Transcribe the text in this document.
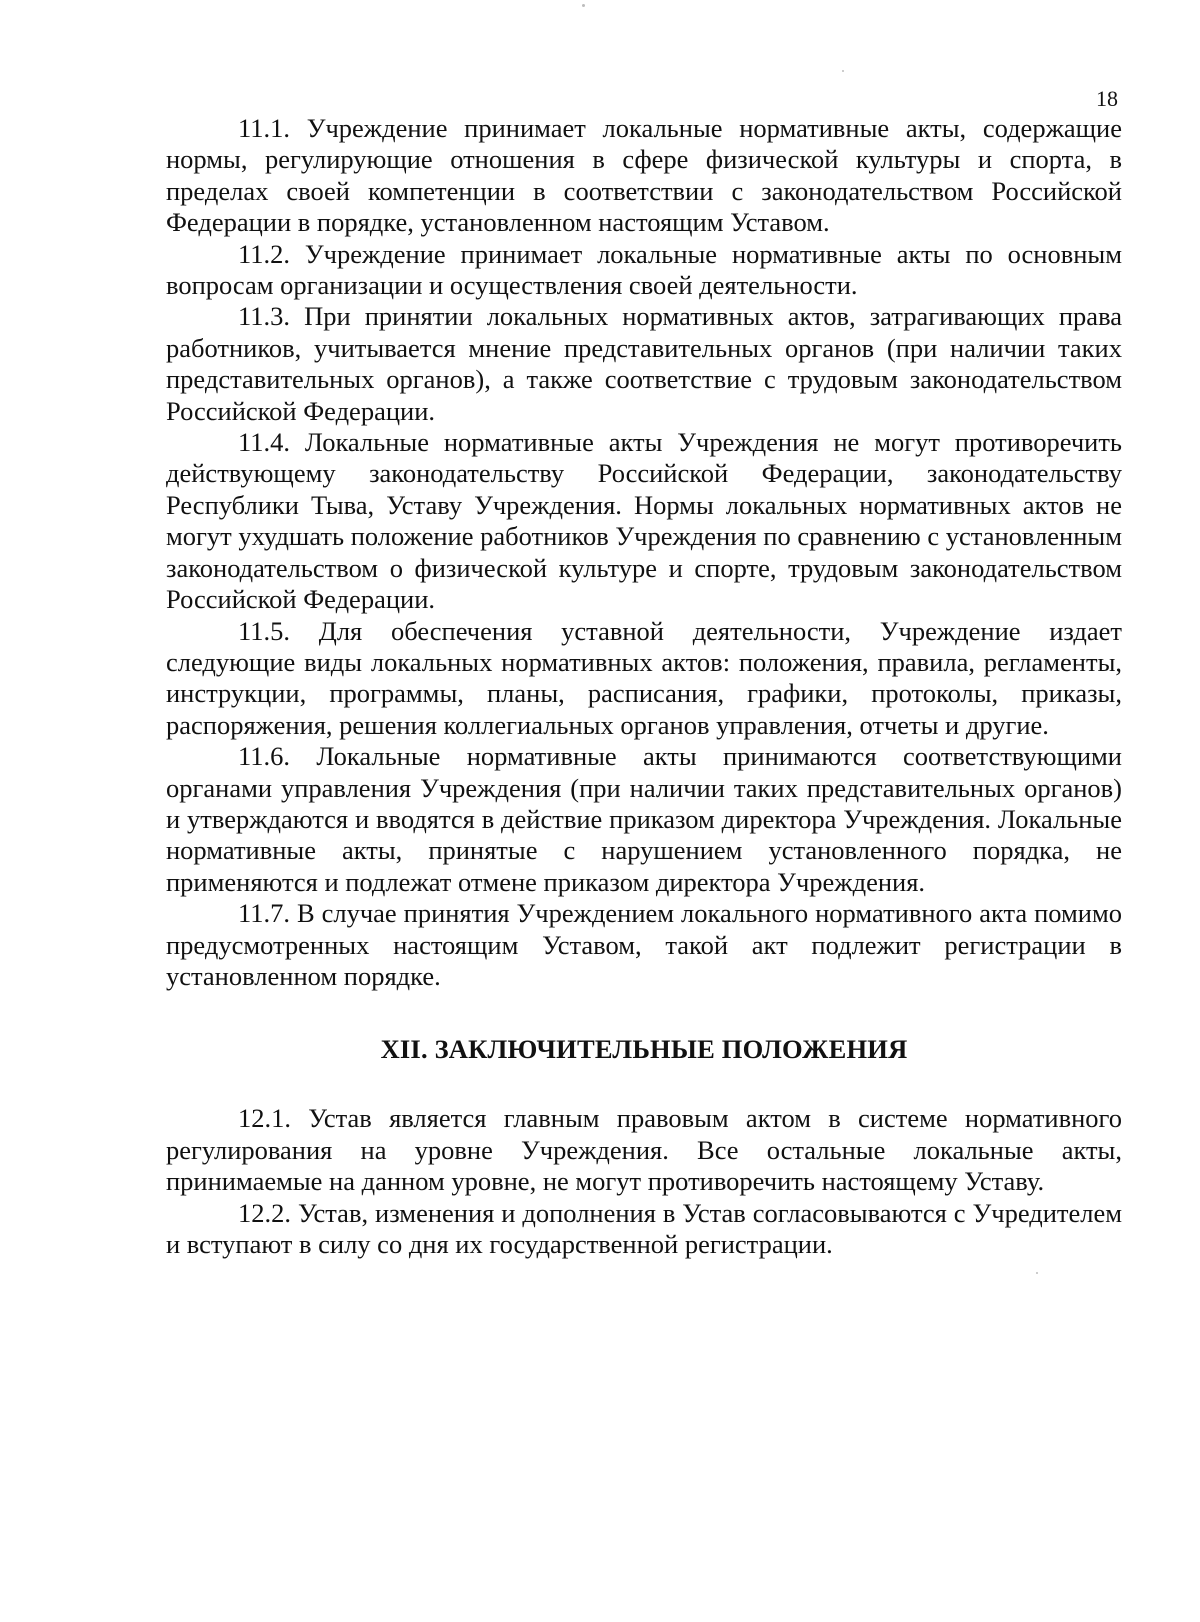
18

11.1. Учреждение принимает локальные нормативные акты, содержащие нормы, регулирующие отношения в сфере физической культуры и спорта, в пределах своей компетенции в соответствии с законодательством Российской Федерации в порядке, установленном настоящим Уставом.

11.2. Учреждение принимает локальные нормативные акты по основным вопросам организации и осуществления своей деятельности.

11.3. При принятии локальных нормативных актов, затрагивающих права работников, учитывается мнение представительных органов (при наличии таких представительных органов), а также соответствие с трудовым законодательством Российской Федерации.

11.4. Локальные нормативные акты Учреждения не могут противоречить действующему законодательству Российской Федерации, законодательству Республики Тыва, Уставу Учреждения. Нормы локальных нормативных актов не могут ухудшать положение работников Учреждения по сравнению с установленным законодательством о физической культуре и спорте, трудовым законодательством Российской Федерации.

11.5. Для обеспечения уставной деятельности, Учреждение издает следующие виды локальных нормативных актов: положения, правила, регламенты, инструкции, программы, планы, расписания, графики, протоколы, приказы, распоряжения, решения коллегиальных органов управления, отчеты и другие.

11.6. Локальные нормативные акты принимаются соответствующими органами управления Учреждения (при наличии таких представительных органов) и утверждаются и вводятся в действие приказом директора Учреждения. Локальные нормативные акты, принятые с нарушением установленного порядка, не применяются и подлежат отмене приказом директора Учреждения.

11.7. В случае принятия Учреждением локального нормативного акта помимо предусмотренных настоящим Уставом, такой акт подлежит регистрации в установленном порядке.

XII. ЗАКЛЮЧИТЕЛЬНЫЕ ПОЛОЖЕНИЯ

12.1. Устав является главным правовым актом в системе нормативного регулирования на уровне Учреждения. Все остальные локальные акты, принимаемые на данном уровне, не могут противоречить настоящему Уставу.

12.2. Устав, изменения и дополнения в Устав согласовываются с Учредителем и вступают в силу со дня их государственной регистрации.
